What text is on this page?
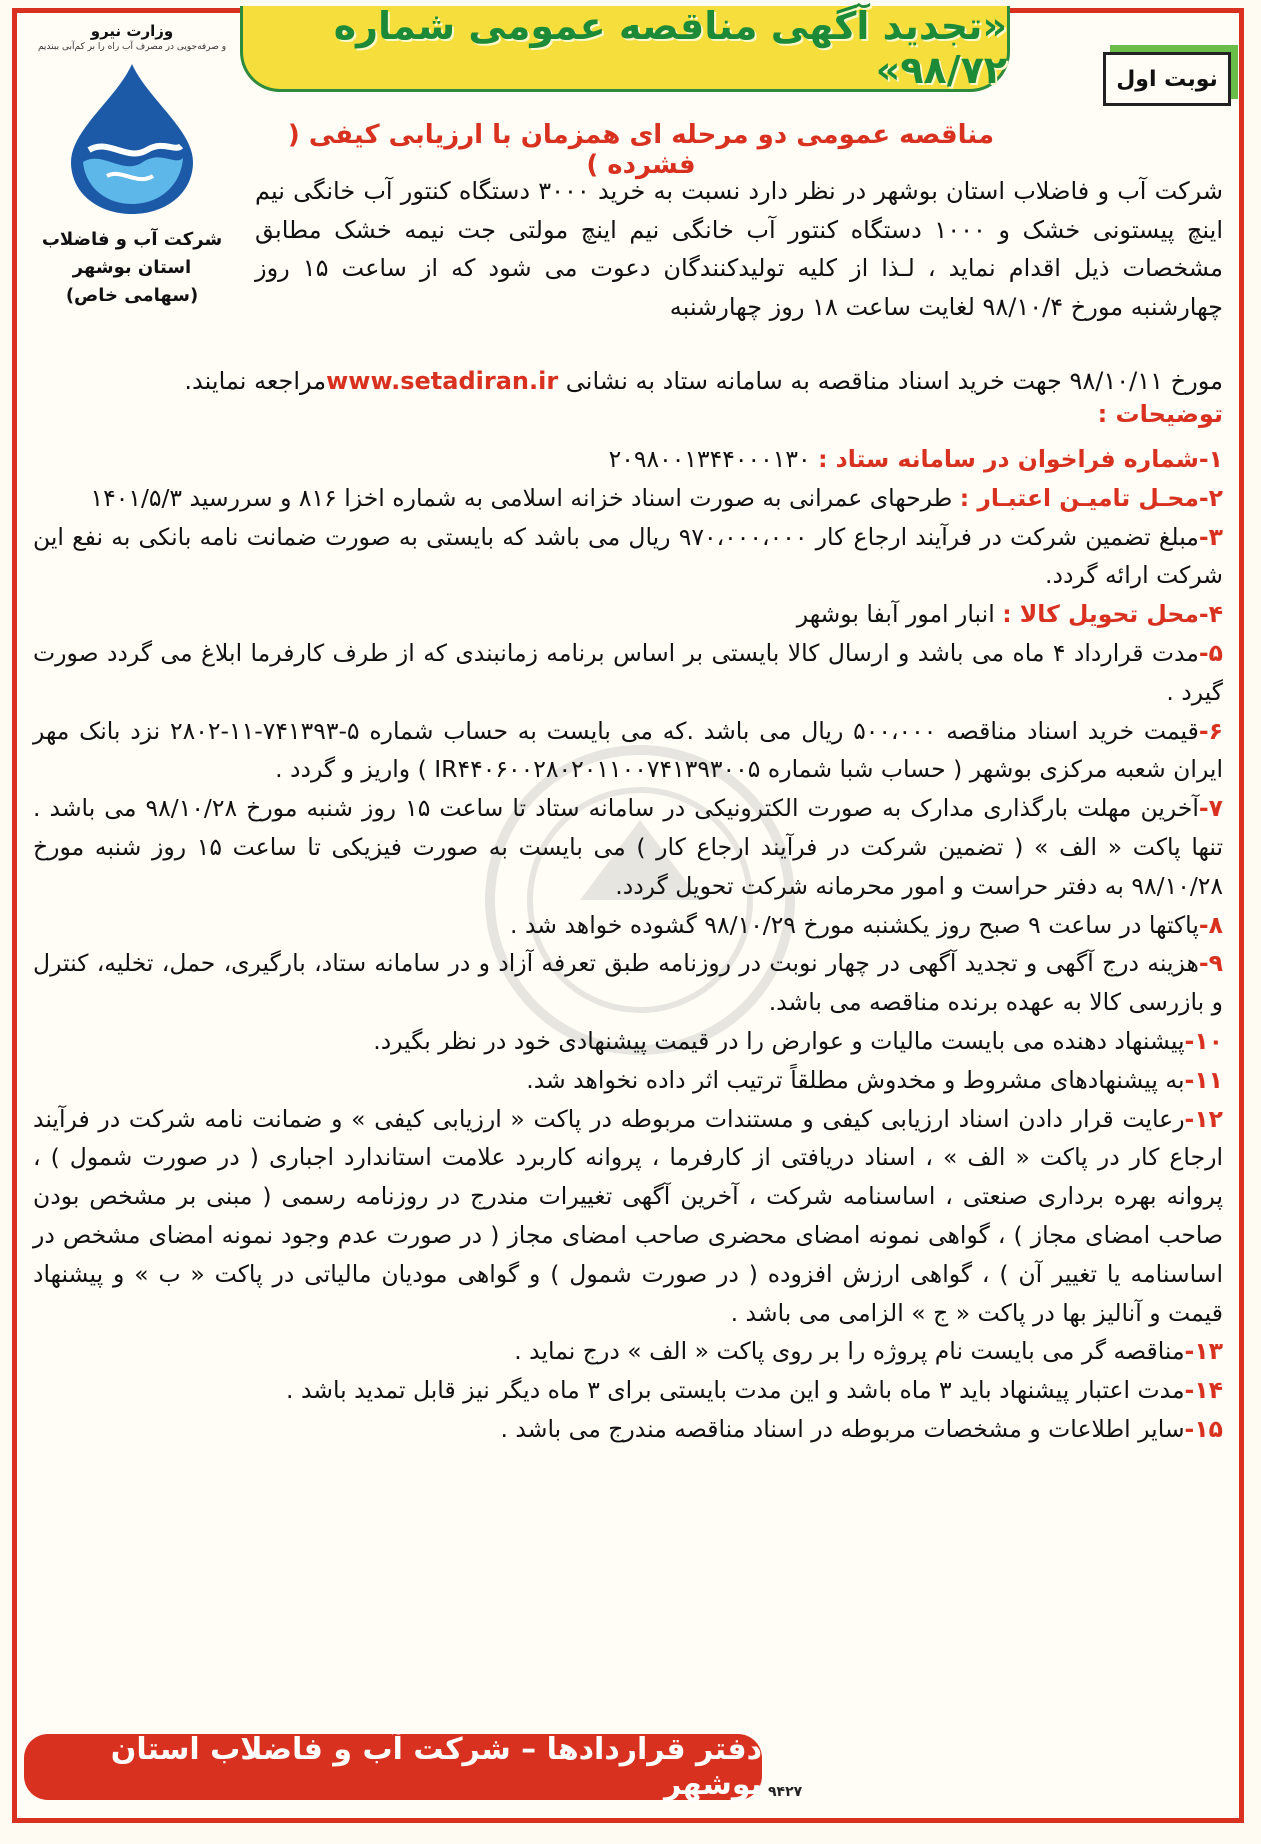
«تجدید آگهی مناقصه عمومی شماره ۹۸/۷۲»	نوبت اول
وزارت نیرو
و صرفه‌جویی در مصرف آب راه را بر کم‌آبی ببندیم
شرکت آب و فاضلاب
استان بوشهر
(سهامی خاص)
مناقصه عمومی دو مرحله ای همزمان با ارزیابی کیفی ( فشرده )
شرکت آب و فاضلاب استان بوشهر در نظر دارد نسبت به خرید ۳۰۰۰ دستگاه کنتور آب خانگی نیم اینچ پیستونی خشک و ۱۰۰۰ دستگاه کنتور آب خانگی نیم اینچ مولتی جت نیمه خشک مطابق مشخصات ذیل اقدام نماید ، لـذا از کلیه تولیدکنندگان دعوت می شود که از ساعت ۱۵ روز چهارشنبه مورخ ۹۸/۱۰/۴ لغایت ساعت ۱۸ روز چهارشنبه
مورخ ۹۸/۱۰/۱۱ جهت خرید اسناد مناقصه به سامانه ستاد به نشانی www.setadiran.irمراجعه نمایند.
توضیحات :
۱-شماره فراخوان در سامانه ستاد : ۲۰۹۸۰۰۱۳۴۴۰۰۰۱۳۰
۲-محـل تامیـن اعتبـار : طرحهای عمرانی به صورت اسناد خزانه اسلامی به شماره اخزا ۸۱۶ و سررسید ۱۴۰۱/۵/۳
۳-مبلغ تضمین شرکت در فرآیند ارجاع کار ۹۷۰،۰۰۰،۰۰۰ ریال می باشد که بایستی به صورت ضمانت نامه بانکی به نفع این شرکت ارائه گردد.
۴-محل تحویل کالا : انبار امور آبفا بوشهر
۵-مدت قرارداد ۴ ماه می باشد و ارسال کالا بایستی بر اساس برنامه زمانبندی که از طرف کارفرما ابلاغ می گردد صورت گیرد .
۶-قیمت خرید اسناد مناقصه ۵۰۰،۰۰۰ ریال می باشد .که می بایست به حساب شماره ۵-۷۴۱۳۹۳-۱۱-۲۸۰۲ نزد بانک مهر ایران شعبه مرکزی بوشهر ( حساب شبا شماره IR۴۴۰۶۰۰۲۸۰۲۰۱۱۰۰۷۴۱۳۹۳۰۰۵ ) واریز و گردد .
۷-آخرین مهلت بارگذاری مدارک به صورت الکترونیکی در سامانه ستاد تا ساعت ۱۵ روز شنبه مورخ ۹۸/۱۰/۲۸ می باشد . تنها پاکت « الف » ( تضمین شرکت در فرآیند ارجاع کار ) می بایست به صورت فیزیکی تا ساعت ۱۵ روز شنبه مورخ ۹۸/۱۰/۲۸ به دفتر حراست و امور محرمانه شرکت تحویل گردد.
۸-پاکتها در ساعت ۹ صبح روز یکشنبه مورخ ۹۸/۱۰/۲۹ گشوده خواهد شد .
۹-هزینه درج آگهی و تجدید آگهی در چهار نوبت در روزنامه طبق تعرفه آزاد و در سامانه ستاد، بارگیری، حمل، تخلیه، کنترل و بازرسی کالا به عهده برنده مناقصه می باشد.
۱۰-پیشنهاد دهنده می بایست مالیات و عوارض را در قیمت پیشنهادی خود در نظر بگیرد.
۱۱-به پیشنهادهای مشروط و مخدوش مطلقاً ترتیب اثر داده نخواهد شد.
۱۲-رعایت قرار دادن اسناد ارزیابی کیفی و مستندات مربوطه در پاکت « ارزیابی کیفی » و ضمانت نامه شرکت در فرآیند ارجاع کار در پاکت « الف » ، اسناد دریافتی از کارفرما ، پروانه کاربرد علامت استاندارد اجباری ( در صورت شمول ) ، پروانه بهره برداری صنعتی ، اساسنامه شرکت ، آخرین آگهی تغییرات مندرج در روزنامه رسمی ( مبنی بر مشخص بودن صاحب امضای مجاز ) ، گواهی نمونه امضای محضری صاحب امضای مجاز ( در صورت عدم وجود نمونه امضای مشخص در اساسنامه یا تغییر آن ) ، گواهی ارزش افزوده ( در صورت شمول ) و گواهی مودیان مالیاتی در پاکت « ب » و پیشنهاد قیمت و آنالیز بها در پاکت « ج » الزامی می باشد .
۱۳-مناقصه گر می بایست نام پروژه را بر روی پاکت « الف » درج نماید .
۱۴-مدت اعتبار پیشنهاد باید ۳ ماه باشد و این مدت بایستی برای ۳ ماه دیگر نیز قابل تمدید باشد .
۱۵-سایر اطلاعات و مشخصات مربوطه در اسناد مناقصه مندرج می باشد .
دفتر قراردادها – شرکت آب و فاضلاب استان بوشهر ۹۴۲۷
